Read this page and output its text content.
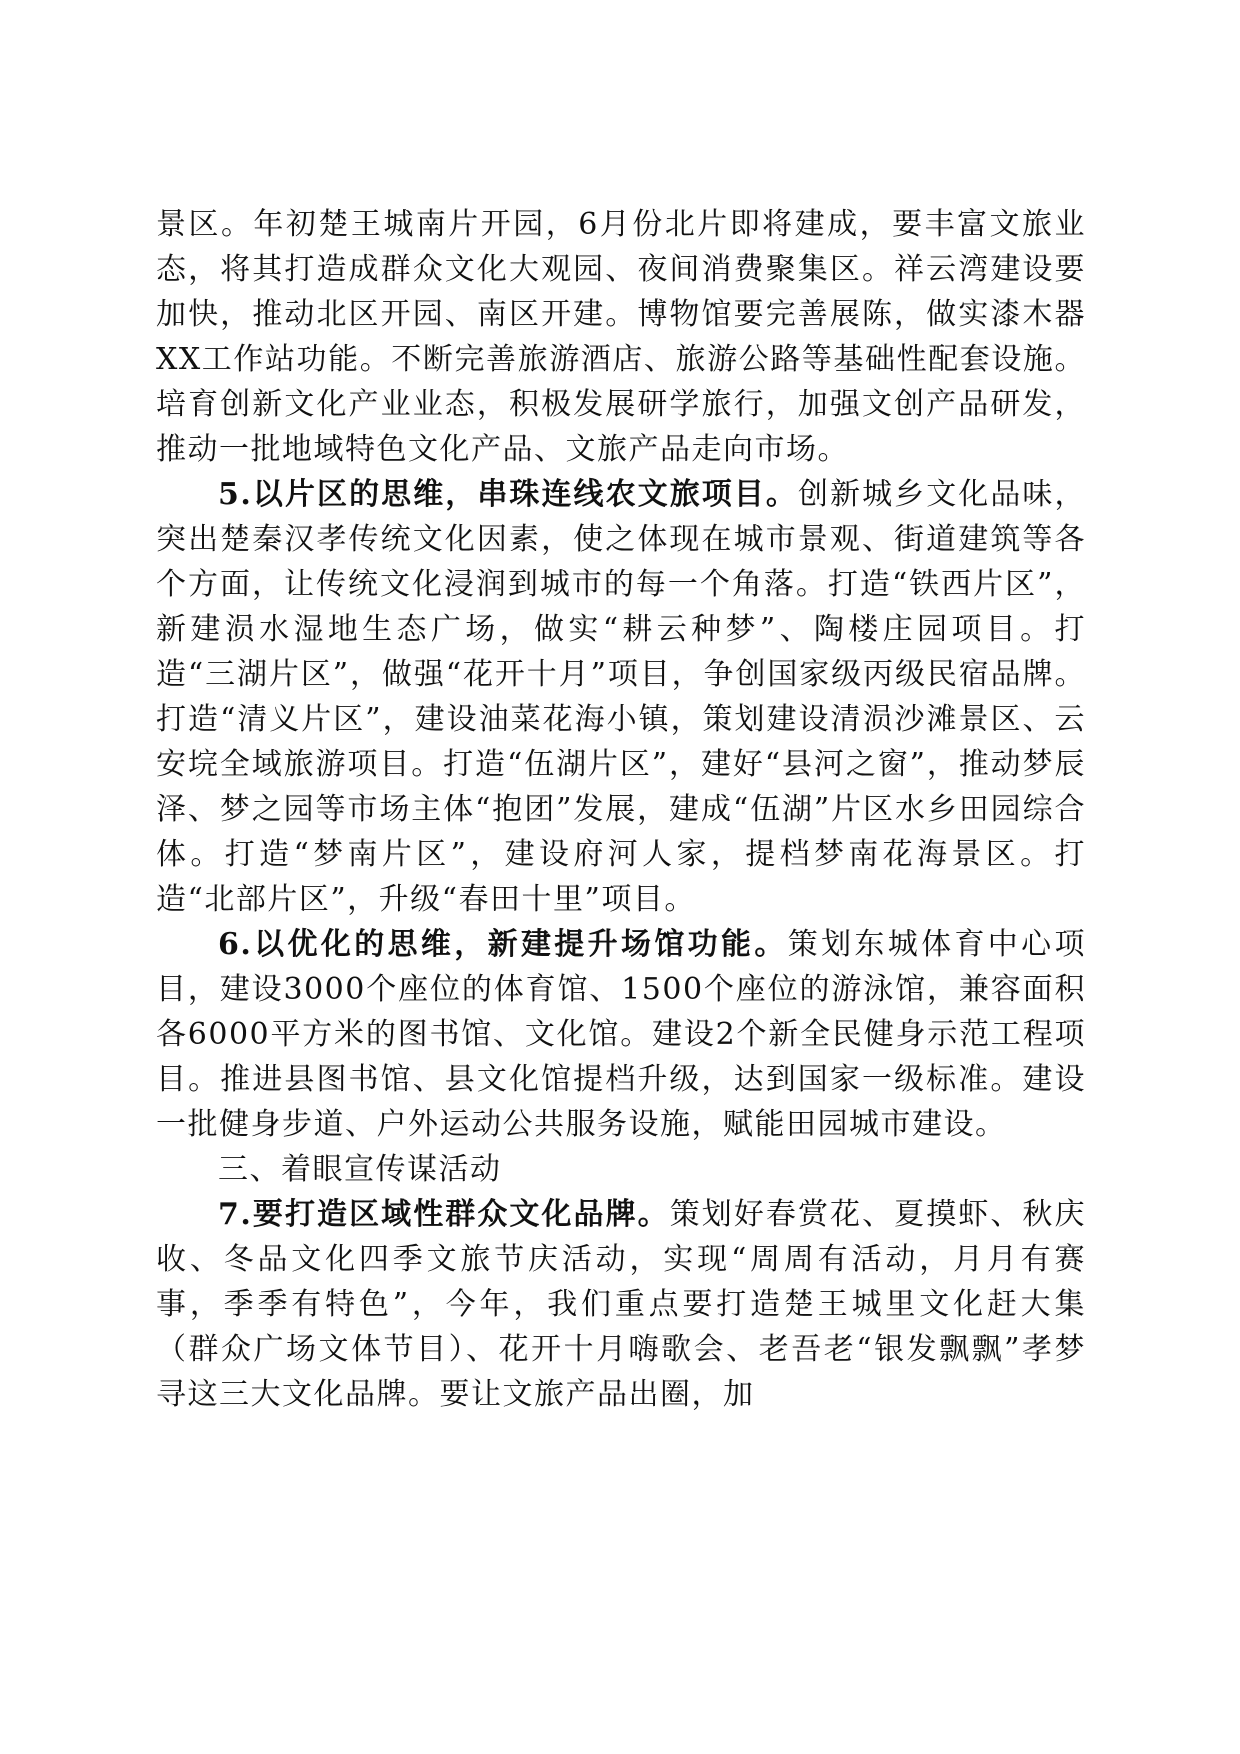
景区。年初楚王城南片开园，6月份北片即将建成，要丰富文旅业态，将其打造成群众文化大观园、夜间消费聚集区。祥云湾建设要加快，推动北区开园、南区开建。博物馆要完善展陈，做实漆木器XX工作站功能。不断完善旅游酒店、旅游公路等基础性配套设施。培育创新文化产业业态，积极发展研学旅行，加强文创产品研发，推动一批地域特色文化产品、文旅产品走向市场。

5.以片区的思维，串珠连线农文旅项目。创新城乡文化品味，突出楚秦汉孝传统文化因素，使之体现在城市景观、街道建筑等各个方面，让传统文化浸润到城市的每一个角落。打造“铁西片区”，新建涢水湿地生态广场，做实“耕云种梦”、陶楼庄园项目。打造“三湖片区”，做强“花开十月”项目，争创国家级丙级民宿品牌。打造“清义片区”，建设油菜花海小镇，策划建设清涢沙滩景区、云安垸全域旅游项目。打造“伍湖片区”，建好“县河之窗”，推动梦辰泽、梦之园等市场主体“抱团”发展，建成“伍湖”片区水乡田园综合体。打造“梦南片区”，建设府河人家，提档梦南花海景区。打造“北部片区”，升级“春田十里”项目。

6.以优化的思维，新建提升场馆功能。策划东城体育中心项目，建设3000个座位的体育馆、1500个座位的游泳馆，兼容面积各6000平方米的图书馆、文化馆。建设2个新全民健身示范工程项目。推进县图书馆、县文化馆提档升级，达到国家一级标准。建设一批健身步道、户外运动公共服务设施，赋能田园城市建设。

三、着眼宣传谋活动

7.要打造区域性群众文化品牌。策划好春赏花、夏摸虾、秋庆收、冬品文化四季文旅节庆活动，实现“周周有活动，月月有赛事，季季有特色”，今年，我们重点要打造楚王城里文化赶大集（群众广场文体节目）、花开十月嗨歌会、老吾老“银发飘飘”孝梦寻这三大文化品牌。要让文旅产品出圈，加
